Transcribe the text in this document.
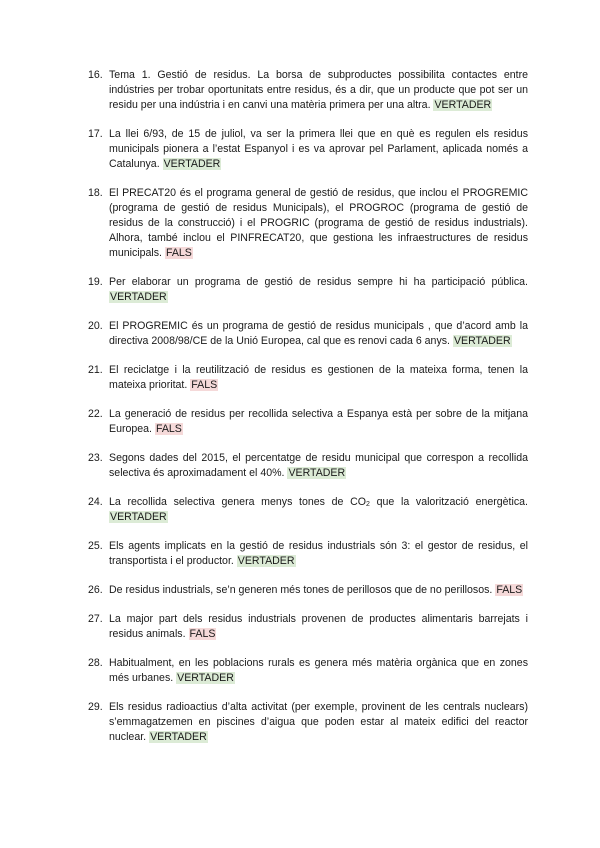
16. Tema 1. Gestió de residus. La borsa de subproductes possibilita contactes entre indústries per trobar oportunitats entre residus, és a dir, que un producte que pot ser un residu per una indústria i en canvi una matèria primera per una altra. VERTADER
17. La llei 6/93, de 15 de juliol, va ser la primera llei que en què es regulen els residus municipals pionera a l’estat Espanyol i es va aprovar pel Parlament, aplicada només a Catalunya. VERTADER
18. El PRECAT20 és el programa general de gestió de residus, que inclou el PROGREMIC (programa de gestió de residus Municipals), el PROGROC (programa de gestió de residus de la construcció) i el PROGRIC (programa de gestió de residus industrials). Alhora, també inclou el PINFRECAT20, que gestiona les infraestructures de residus municipals. FALS
19. Per elaborar un programa de gestió de residus sempre hi ha participació pública. VERTADER
20. El PROGREMIC és un programa de gestió de residus municipals , que d’acord amb la directiva 2008/98/CE de la Unió Europea, cal que es renovi cada 6 anys. VERTADER
21. El reciclatge i la reutilització de residus es gestionen de la mateixa forma, tenen la mateixa prioritat. FALS
22. La generació de residus per recollida selectiva a Espanya està per sobre de la mitjana Europea. FALS
23. Segons dades del 2015, el percentatge de residu municipal que correspon a recollida selectiva és aproximadament el 40%. VERTADER
24. La recollida selectiva genera menys tones de $CO_2$ que la valorització energètica. VERTADER
25. Els agents implicats en la gestió de residus industrials són 3: el gestor de residus, el transportista i el productor. VERTADER
26. De residus industrials, se’n generen més tones de perillosos que de no perillosos. FALS
27. La major part dels residus industrials provenen de productes alimentaris barrejats i residus animals. FALS
28. Habitualment, en les poblacions rurals es genera més matèria orgànica que en zones més urbanes. VERTADER
29. Els residus radioactius d’alta activitat (per exemple, provinent de les centrals nuclears) s’emmagatzemen en piscines d’aigua que poden estar al mateix edifici del reactor nuclear. VERTADER
